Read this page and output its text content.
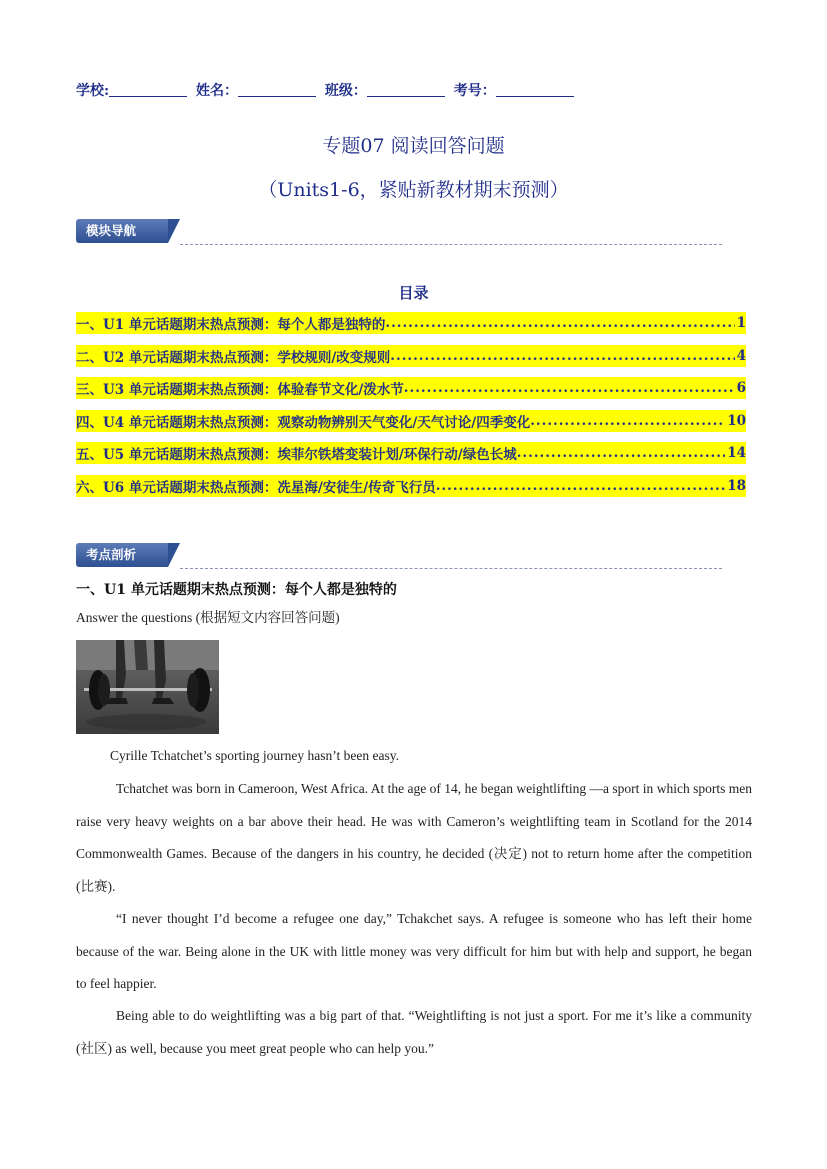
学校:	姓名：	班级：	考号：
专题07 阅读回答问题
（Units1-6，紧贴新教材期末预测）
模块导航
目录
一、U1 单元话题期末热点预测：每个人都是独特的 .....	1
二、U2 单元话题期末热点预测：学校规则/改变规则 .....	4
三、U3 单元话题期末热点预测：体验春节文化/泼水节 .....	6
四、U4 单元话题期末热点预测：观察动物辨别天气变化/天气讨论/四季变化 .....	10
五、U5 单元话题期末热点预测：埃菲尔铁塔变装计划/环保行动/绿色长城 .....	14
六、U6 单元话题期末热点预测：冼星海/安徒生/传奇飞行员 .....	18
考点剖析
一、U1 单元话题期末热点预测：每个人都是独特的
Answer the questions (根据短文内容回答问题)
Cyrille Tchatchet’s sporting journey hasn’t been easy.
Tchatchet was born in Cameroon, West Africa. At the age of 14, he began weightlifting —a sport in which sports men raise very heavy weights on a bar above their head. He was with Cameron’s weightlifting team in Scotland for the 2014 Commonwealth Games. Because of the dangers in his country, he decided (决定) not to return home after the competition (比赛).
“I never thought I’d become a refugee one day,” Tchakchet says. A refugee is someone who has left their home because of the war. Being alone in the UK with little money was very difficult for him but with help and support, he began to feel happier.
Being able to do weightlifting was a big part of that. “Weightlifting is not just a sport. For me it’s like a community (社区) as well, because you meet great people who can help you.”
